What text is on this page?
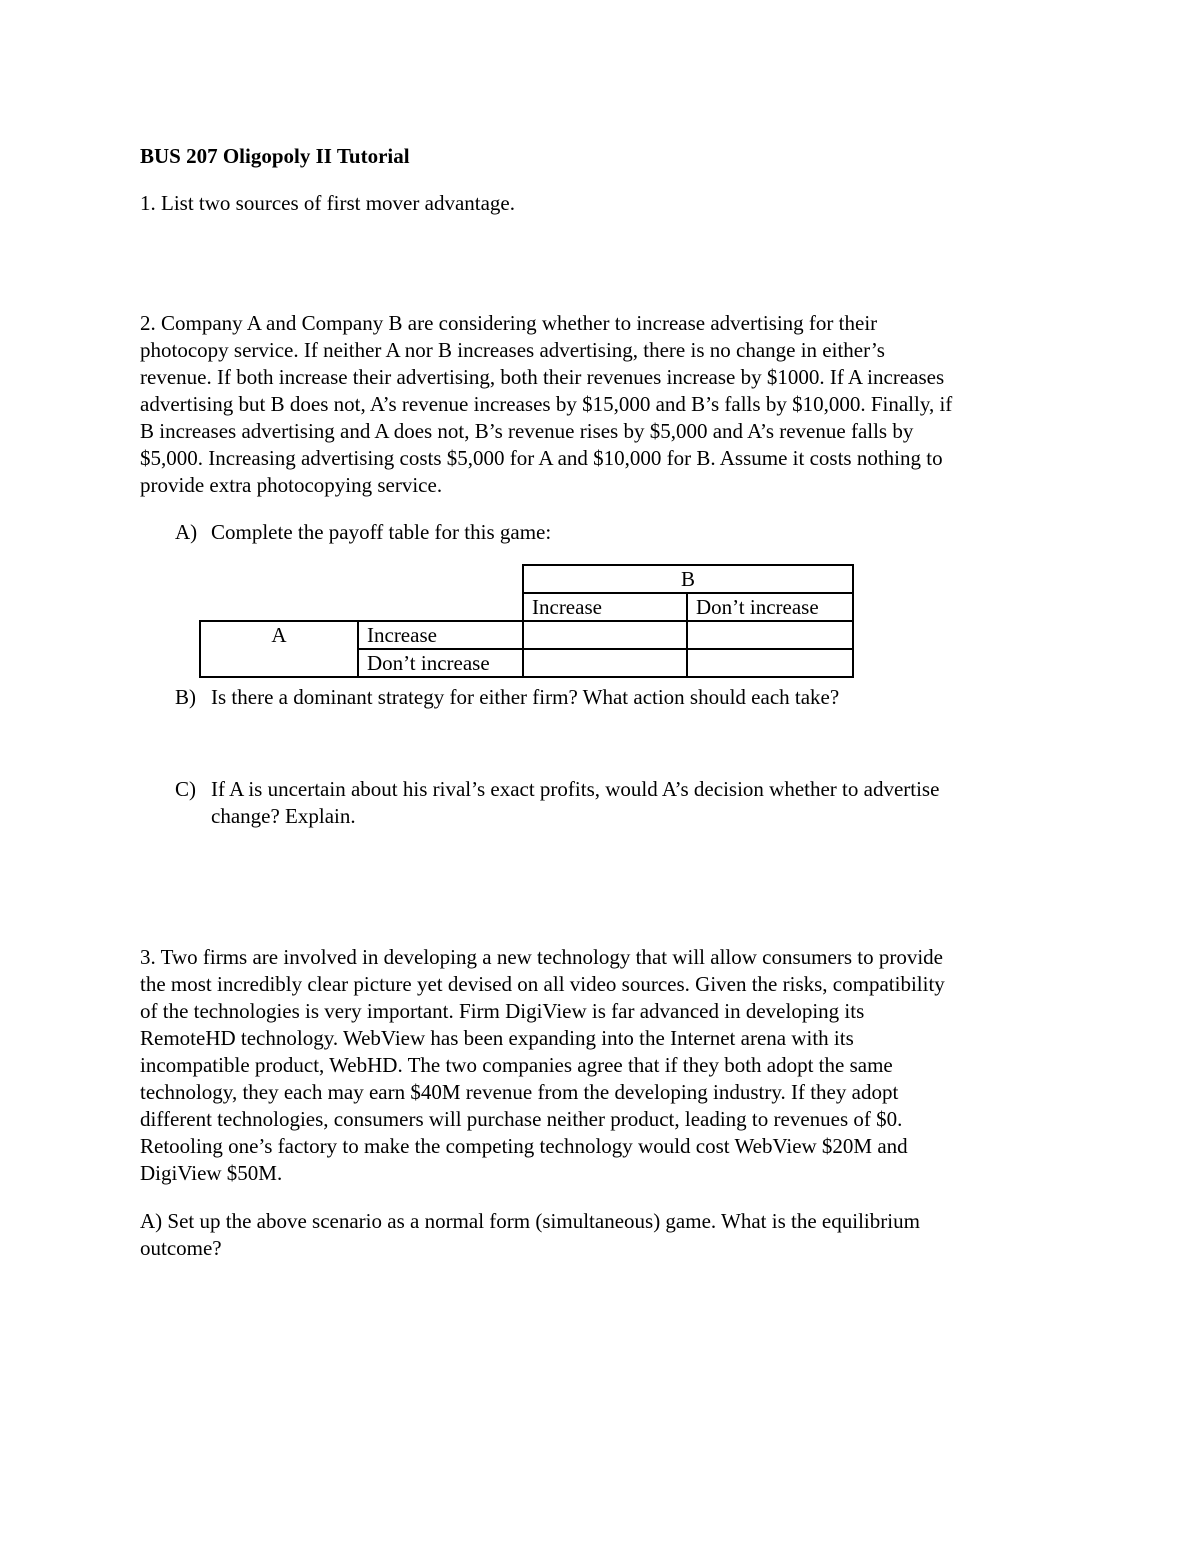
BUS 207 Oligopoly II Tutorial

1. List two sources of first mover advantage.

2. Company A and Company B are considering whether to increase advertising for their
photocopy service. If neither A nor B increases advertising, there is no change in either’s
revenue. If both increase their advertising, both their revenues increase by $1000. If A increases
advertising but B does not, A’s revenue increases by $15,000 and B’s falls by $10,000. Finally, if
B increases advertising and A does not, B’s revenue rises by $5,000 and A’s revenue falls by
$5,000. Increasing advertising costs $5,000 for A and $10,000 for B. Assume it costs nothing to
provide extra photocopying service.

A) Complete the payoff table for this game:

		B	
		Increase	Don’t increase
A	Increase		
	Don’t increase		

B) Is there a dominant strategy for either firm? What action should each take?

C) If A is uncertain about his rival’s exact profits, would A’s decision whether to advertise
change? Explain.

3. Two firms are involved in developing a new technology that will allow consumers to provide
the most incredibly clear picture yet devised on all video sources. Given the risks, compatibility
of the technologies is very important. Firm DigiView is far advanced in developing its
RemoteHD technology. WebView has been expanding into the Internet arena with its
incompatible product, WebHD. The two companies agree that if they both adopt the same
technology, they each may earn $40M revenue from the developing industry. If they adopt
different technologies, consumers will purchase neither product, leading to revenues of $0.
Retooling one’s factory to make the competing technology would cost WebView $20M and
DigiView $50M.

A) Set up the above scenario as a normal form (simultaneous) game. What is the equilibrium
outcome?
